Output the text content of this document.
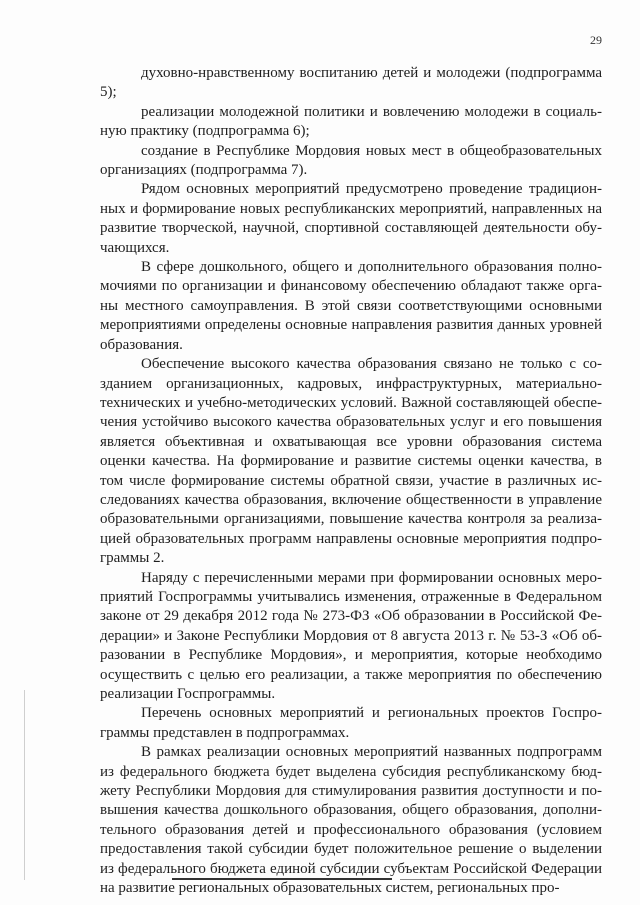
29

духовно-нравственному воспитанию детей и молодежи (подпрограмма 5);

реализации молодежной политики и вовлечению молодежи в социальную практику (подпрограмма 6);

создание в Республике Мордовия новых мест в общеобразовательных организациях (подпрограмма 7).

Рядом основных мероприятий предусмотрено проведение традиционных и формирование новых республиканских мероприятий, направленных на развитие творческой, научной, спортивной составляющей деятельности обучающихся.

В сфере дошкольного, общего и дополнительного образования полномочиями по организации и финансовому обеспечению обладают также органы местного самоуправления. В этой связи соответствующими основными мероприятиями определены основные направления развития данных уровней образования.

Обеспечение высокого качества образования связано не только с созданием организационных, кадровых, инфраструктурных, материально-технических и учебно-методических условий. Важной составляющей обеспечения устойчиво высокого качества образовательных услуг и его повышения является объективная и охватывающая все уровни образования система оценки качества. На формирование и развитие системы оценки качества, в том числе формирование системы обратной связи, участие в различных исследованиях качества образования, включение общественности в управление образовательными организациями, повышение качества контроля за реализацией образовательных программ направлены основные мероприятия подпрограммы 2.

Наряду с перечисленными мерами при формировании основных мероприятий Госпрограммы учитывались изменения, отраженные в Федеральном законе от 29 декабря 2012 года № 273-ФЗ «Об образовании в Российской Федерации» и Законе Республики Мордовия от 8 августа 2013 г. № 53-З «Об образовании в Республике Мордовия», и мероприятия, которые необходимо осуществить с целью его реализации, а также мероприятия по обеспечению реализации Госпрограммы.

Перечень основных мероприятий и региональных проектов Госпрограммы представлен в подпрограммах.

В рамках реализации основных мероприятий названных подпрограмм из федерального бюджета будет выделена субсидия республиканскому бюджету Республики Мордовия для стимулирования развития доступности и повышения качества дошкольного образования, общего образования, дополнительного образования детей и профессионального образования (условием предоставления такой субсидии будет положительное решение о выделении из федерального бюджета единой субсидии субъектам Российской Федерации на развитие региональных образовательных систем, региональных про-
